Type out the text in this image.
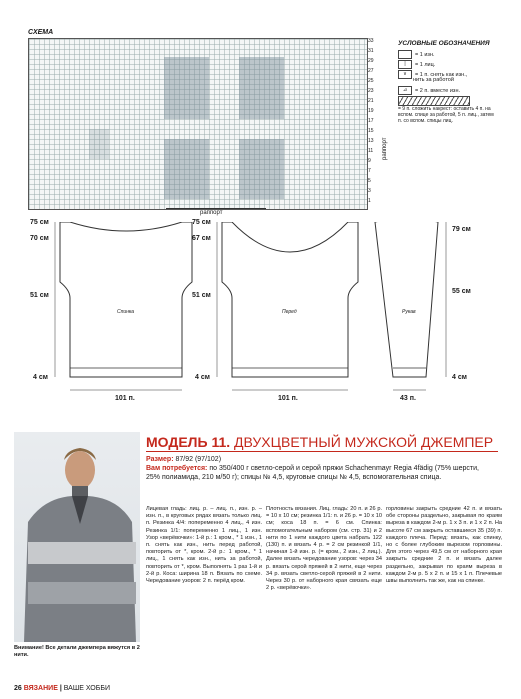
СХЕМА
33
31
29
27
25
23
21
19
17
15
13
11
9
7
5
3
1
раппорт
раппорт
УСЛОВНЫЕ ОБОЗНАЧЕНИЯ
= 1 изн.
| = 1 лиц.
∨ = 1 п. снять как изн.,
нить за работой
⊿ = 2 п. вместе изн.
= 9 п. сложить накрест: оставить 4 п. на вспом. спице за работой, 5 п. лиц., затем п. со вспом. спицы лиц.
75 см
70 см
51 см
4 см
Спинка
101 п.
75 см
67 см
51 см
4 см
Перед
101 п.
79 см
55 см
4 см
Рукав
43 п.
Внимание! Все детали джемпера вяжутся в 2 нити.
МОДЕЛЬ 11. ДВУХЦВЕТНЫЙ МУЖСКОЙ ДЖЕМПЕР
Размер: 87/92 (97/102)
Вам потребуется: по 350/400 г светло-серой и серой пряжи Schachenmayr Regia 4fädig (75% шерсти, 25% полиамида, 210 м/50 г); спицы № 4,5, круговые спицы № 4,5, вспомогательная спица.
Лицевая гладь: лиц. р. – лиц. п., изн. р. – изн. п., в круговых рядах вязать только лиц. п. Резинка 4/4: попеременно 4 лиц., 4 изн. Резинка 1/1: попеременно 1 лиц., 1 изн. Узор «верёвочки»: 1-й р.: 1 кром., * 1 изн., 1 п. снять как изн., нить перед работой, повторить от *, кром. 2-й р.: 1 кром., * 1 лиц., 1 снять как изн., нить за работой, повторить от *, кром. Выполнять 1 раз 1-й и 2-й р. Коса: ширина 18 п. Вязать по схеме. Чередование узоров: 2 п. перёд кром.
Плотность вязания. Лиц. гладь: 20 п. и 26 р. = 10 х 10 см; резинка 1/1: п. и 26 р. = 10 х 10 см; коса 18 п. = 6 см. Спинка: вспомогательным набором (см. стр. 31) и 2 нити по 1 нити каждого цвета набрать 122 (130) п. и вязать 4 р. = 2 см резинкой 1/1, начиная 1-й изн. р. (= кром., 2 изн., 2 лиц.). Далее вязать чередование узоров: через 34 р. вязать серой пряжей в 2 нити, еще через 34 р. вязать светло-серой пряжей в 2 нити. Через 30 р. от наборного края связать еще 2 р. «верёвочки».
горловины закрыть средние 42 п. и вязать обе стороны раздельно, закрывая по краям выреза в каждом 2-м р. 1 х 3 п. и 1 х 2 п. На высоте 67 см закрыть оставшиеся 35 (39) п. каждого плеча. Перед: вязать, как спинку, но с более глубоким вырезом горловины. Для этого через 49,5 см от наборного края закрыть средние 2 п. и вязать далее раздельно, закрывая по краям выреза в каждом 2-м р. 5 х 2 п. и 15 х 1 п. Плечевые швы выполнить так же, как на спинке.
26 ВЯЗАНИЕ | ВАШЕ ХОББИ
